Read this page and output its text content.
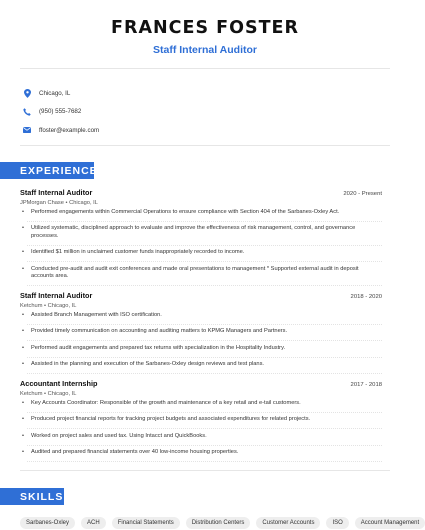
FRANCES FOSTER
Staff Internal Auditor
Chicago, IL
(950) 555-7682
ffoster@example.com
EXPERIENCE
Staff Internal Auditor	2020 - Present
JPMorgan Chase • Chicago, IL
• Performed engagements within Commercial Operations to ensure compliance with Section 404 of the Sarbanes-Oxley Act.
• Utilized systematic, disciplined approach to evaluate and improve the effectiveness of risk management, control, and governance processes.
• Identified $1 million in unclaimed customer funds inappropriately recorded to income.
• Conducted pre-audit and audit exit conferences and made oral presentations to management * Supported external audit in deposit accounts area.
Staff Internal Auditor	2018 - 2020
Ketchum • Chicago, IL
• Assisted Branch Management with ISO certification.
• Provided timely communication on accounting and auditing matters to KPMG Managers and Partners.
• Performed audit engagements and prepared tax returns with specialization in the Hospitality Industry.
• Assisted in the planning and execution of the Sarbanes-Oxley design reviews and test plans.
Accountant Internship	2017 - 2018
Ketchum • Chicago, IL
• Key Accounts Coordinator: Responsible of the growth and maintenance of a key retail and e-tail customers.
• Produced project financial reports for tracking project budgets and associated expenditures for related projects.
• Worked on project sales and used tax. Using Intacct and QuickBooks.
• Audited and prepared financial statements over 40 low-income housing properties.
SKILLS
Sarbanes-Oxley	ACH	Financial Statements	Distribution Centers	Customer Accounts	ISO	Account Management
